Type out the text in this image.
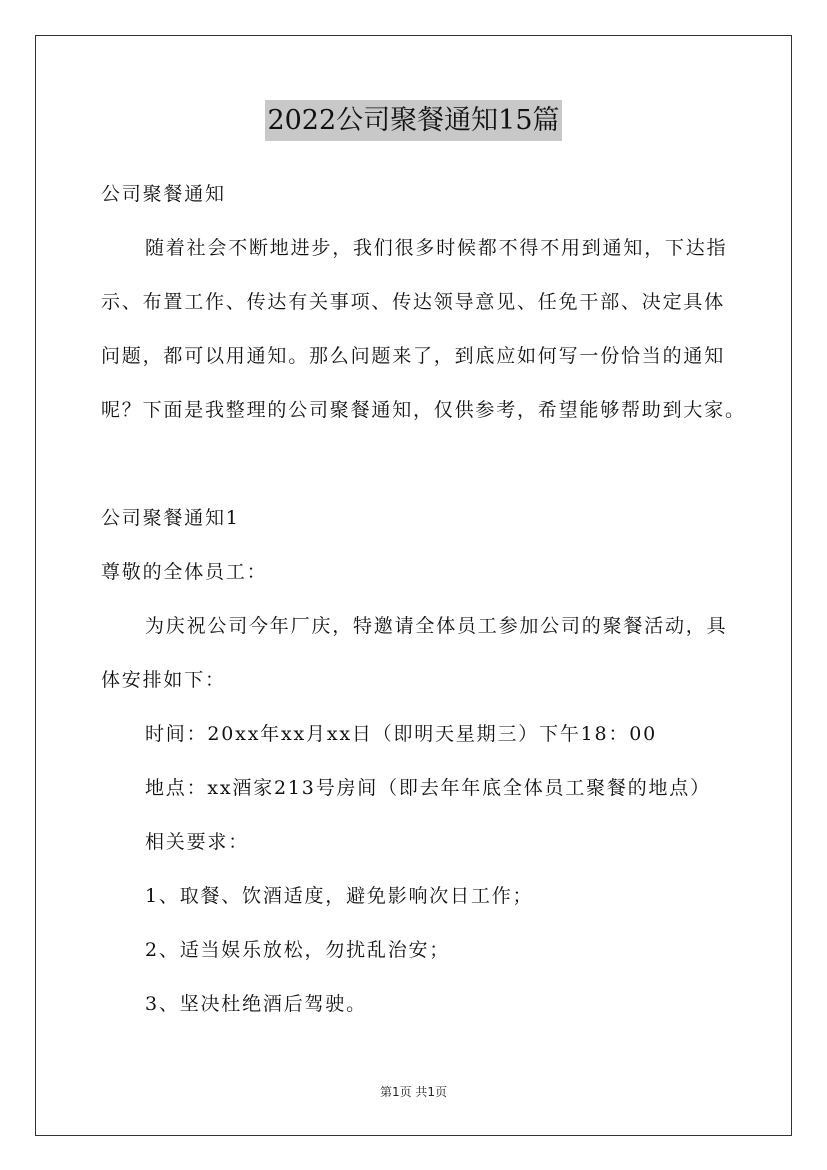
2022公司聚餐通知15篇
公司聚餐通知
随着社会不断地进步，我们很多时候都不得不用到通知，下达指
示、布置工作、传达有关事项、传达领导意见、任免干部、决定具体
问题，都可以用通知。那么问题来了，到底应如何写一份恰当的通知
呢？下面是我整理的公司聚餐通知，仅供参考，希望能够帮助到大家。
公司聚餐通知1
尊敬的全体员工：
为庆祝公司今年厂庆，特邀请全体员工参加公司的聚餐活动，具
体安排如下：
时间：20xx年xx月xx日（即明天星期三）下午18：00
地点：xx酒家213号房间（即去年年底全体员工聚餐的地点）
相关要求：
1、取餐、饮酒适度，避免影响次日工作；
2、适当娱乐放松，勿扰乱治安；
3、坚决杜绝酒后驾驶。
第1页 共1页
